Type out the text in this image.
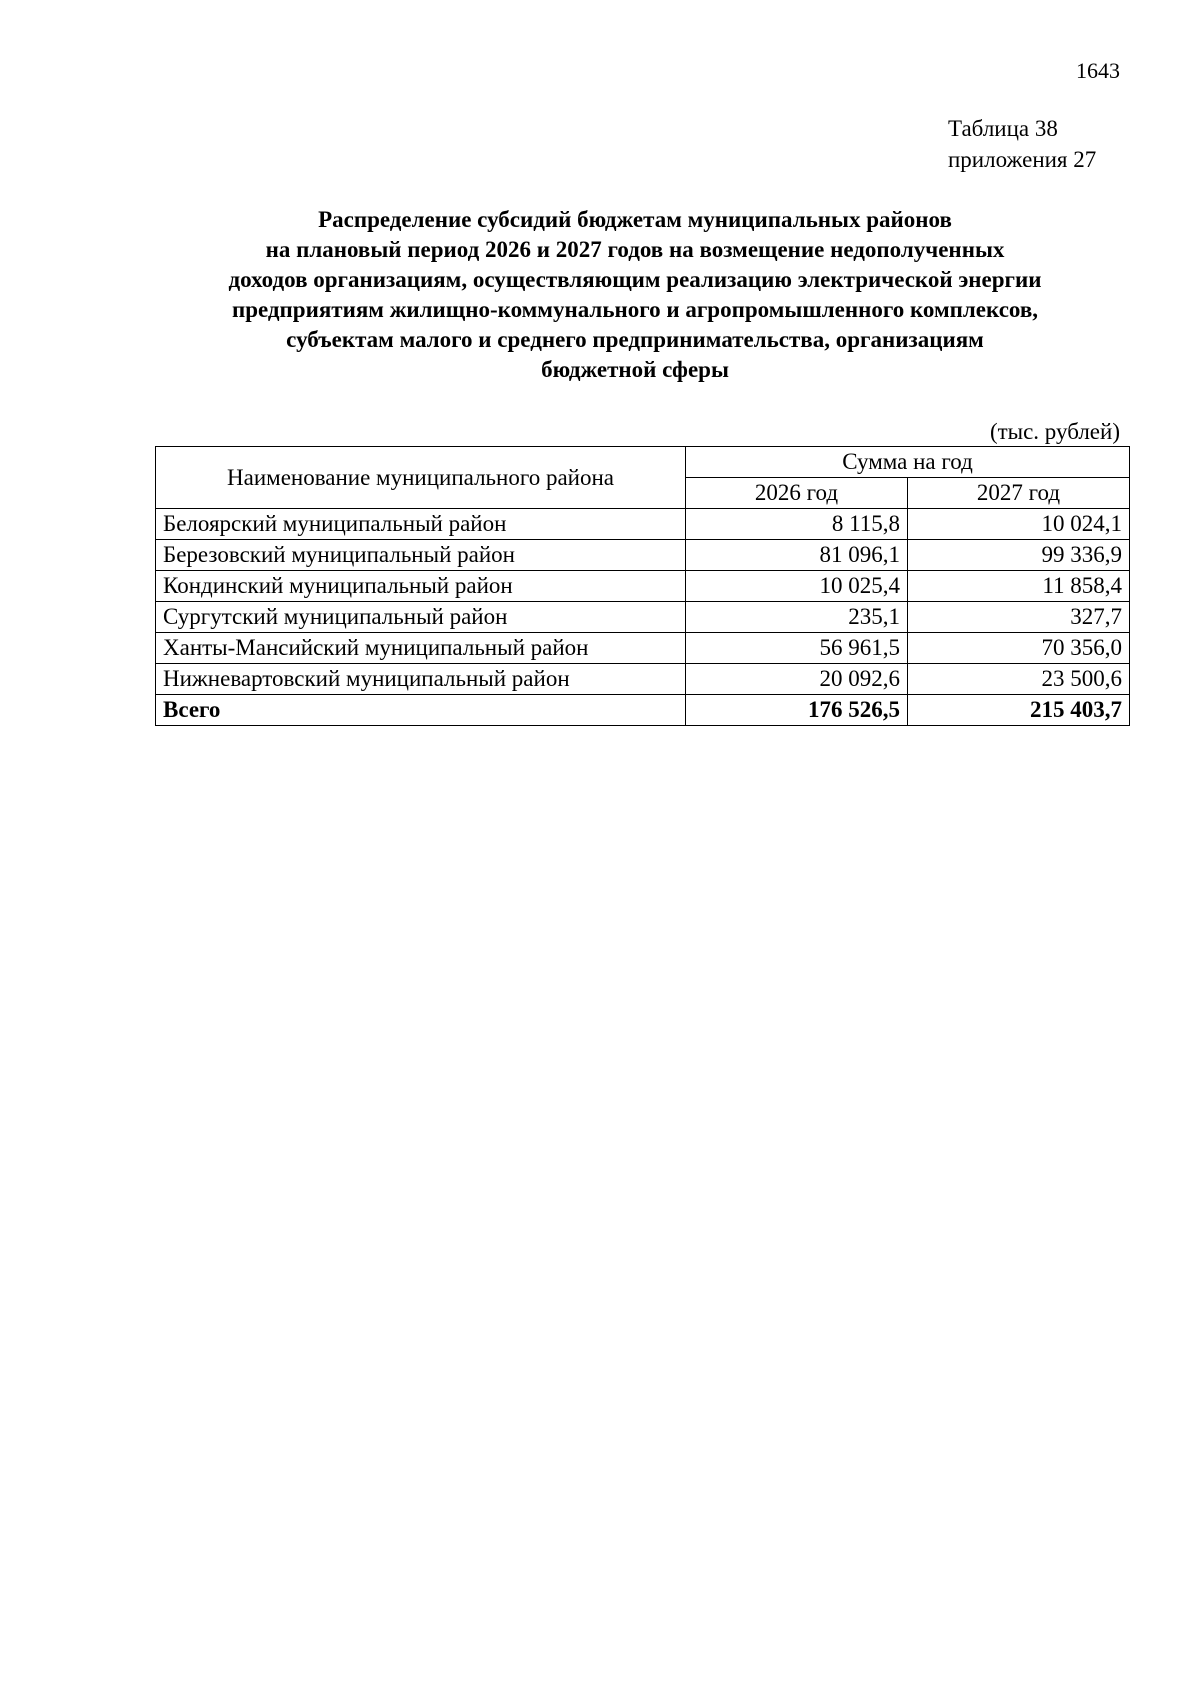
1643
Таблица 38
приложения 27
Распределение субсидий бюджетам муниципальных районов
на плановый период 2026 и 2027 годов на возмещение недополученных
доходов организациям, осуществляющим реализацию электрической энергии
предприятиям жилищно-коммунального и агропромышленного комплексов,
субъектам малого и среднего предпринимательства, организациям
бюджетной сферы
(тыс. рублей)
Наименование муниципального района	Сумма на год	
	2026 год	2027 год
Белоярский муниципальный район	8 115,8	10 024,1
Березовский муниципальный район	81 096,1	99 336,9
Кондинский муниципальный район	10 025,4	11 858,4
Сургутский муниципальный район	235,1	327,7
Ханты-Мансийский муниципальный район	56 961,5	70 356,0
Нижневартовский муниципальный район	20 092,6	23 500,6
Всего	176 526,5	215 403,7
